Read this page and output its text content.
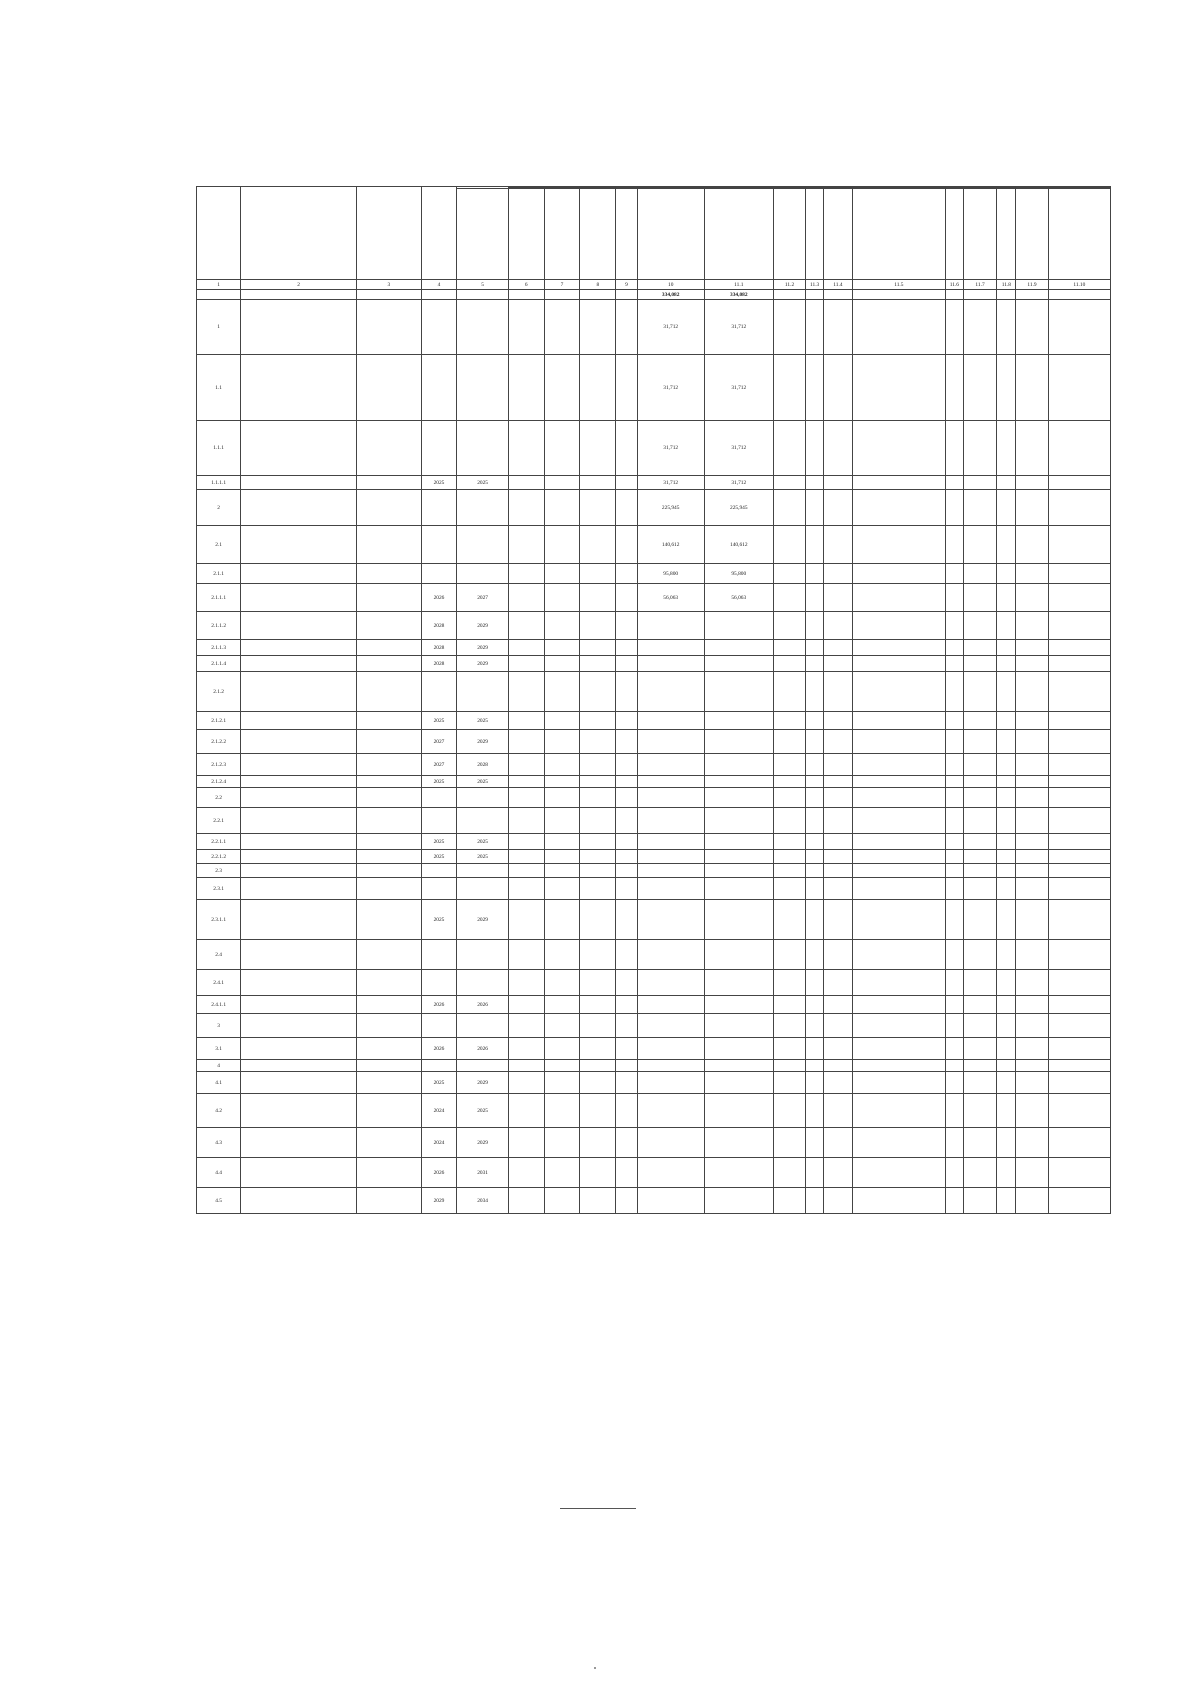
1	2	3	4	5	6	7	8	9	10	11.1	11.2	11.3	11.4	11.5	11.6	11.7	11.8	11.9	11.10
									334,082	334,082									
1									31,712	31,712									
1.1									31,712	31,712									
1.1.1									31,712	31,712									
1.1.1.1			2025	2025					31,712	31,712									
2									225,945	225,945									
2.1									140,612	140,612									
2.1.1									95,800	95,800									
2.1.1.1			2026	2027					56,063	56,063									
2.1.1.2			2028	2029															
2.1.1.3			2028	2029															
2.1.1.4			2028	2029															
2.1.2																			
2.1.2.1			2025	2025															
2.1.2.2			2027	2029															
2.1.2.3			2027	2028															
2.1.2.4			2025	2025															
2.2																			
2.2.1																			
2.2.1.1			2025	2025															
2.2.1.2			2025	2025															
2.3																			
2.3.1																			
2.3.1.1			2025	2029															
2.4																			
2.4.1																			
2.4.1.1			2026	2026															
3																			
3.1			2026	2026															
4																			
4.1			2025	2029															
4.2			2024	2025															
4.3			2024	2029															
4.4			2026	2031															
4.5			2029	2034															
